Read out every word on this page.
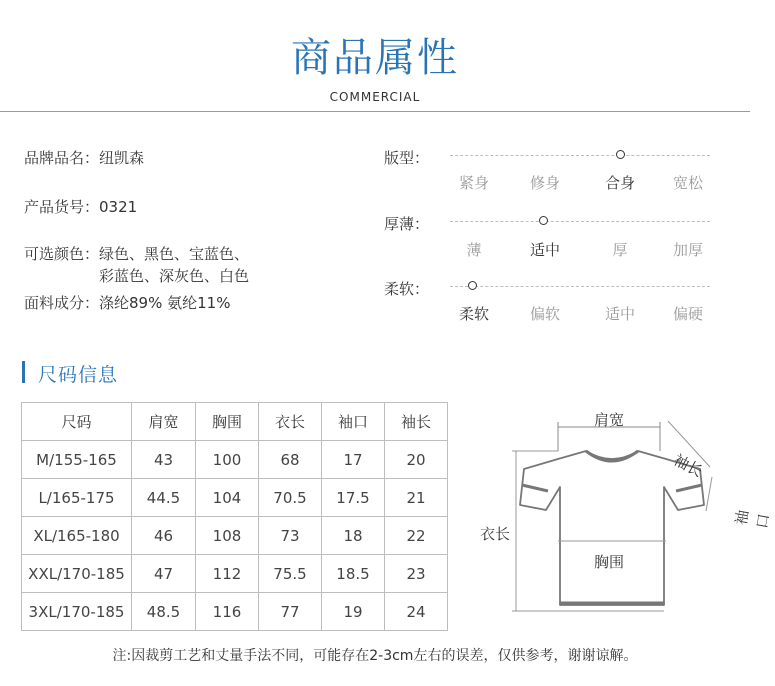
商品属性
COMMERCIAL
品牌品名： 纽凯森
产品货号： 0321
可选颜色： 绿色、黑色、宝蓝色、
彩蓝色、深灰色、白色
面料成分： 涤纶89% 氨纶11%
版型：
紧身	修身	合身	宽松
厚薄：
薄	适中	厚	加厚
柔软：
柔软	偏软	适中	偏硬
尺码信息
尺码	肩宽	胸围	衣长	袖口	袖长
M/155-165	43	100	68	17	20
L/165-175	44.5	104	70.5	17.5	21
XL/165-180	46	108	73	18	22
XXL/170-185	47	112	75.5	18.5	23
3XL/170-185	48.5	116	77	19	24
肩宽
袖长
袖口
衣长
胸围
注:因裁剪工艺和丈量手法不同，可能存在2-3cm左右的误差，仅供参考，谢谢谅解。
